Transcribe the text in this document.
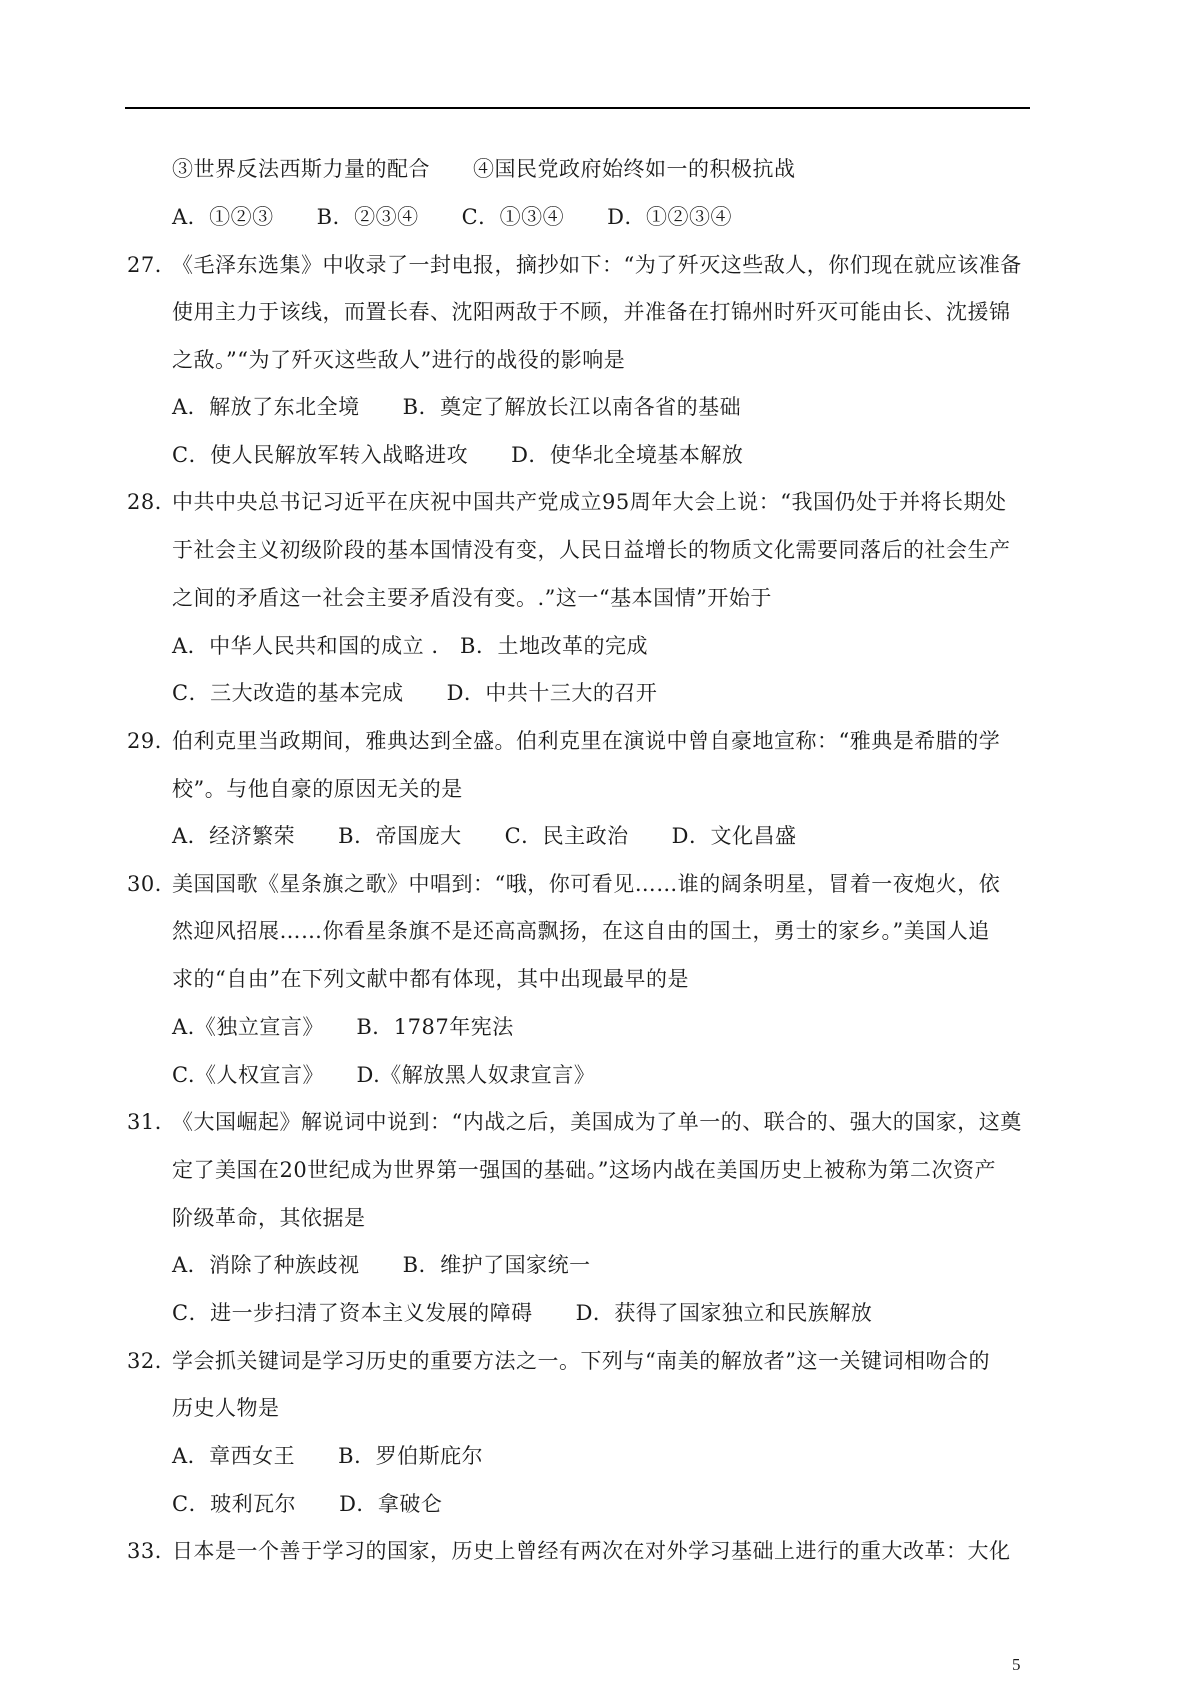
③世界反法西斯力量的配合　　④国民党政府始终如一的积极抗战
A．①②③　　B．②③④　　C．①③④　　D．①②③④
27．
《毛泽东选集》中收录了一封电报，摘抄如下：“为了歼灭这些敌人，你们现在就应该准备
使用主力于该线，而置长春、沈阳两敌于不顾，并准备在打锦州时歼灭可能由长、沈援锦
之敌。”“为了歼灭这些敌人”进行的战役的影响是
A．解放了东北全境　　B．奠定了解放长江以南各省的基础
C．使人民解放军转入战略进攻　　D．使华北全境基本解放
28．
中共中央总书记习近平在庆祝中国共产党成立95周年大会上说：“我国仍处于并将长期处
于社会主义初级阶段的基本国情没有变，人民日益增长的物质文化需要同落后的社会生产
之间的矛盾这一社会主要矛盾没有变。.”这一“基本国情”开始于
A．中华人民共和国的成立 .　B．土地改革的完成
C．三大改造的基本完成　　D．中共十三大的召开
29．
伯利克里当政期间，雅典达到全盛。伯利克里在演说中曾自豪地宣称：“雅典是希腊的学
校”。与他自豪的原因无关的是
A．经济繁荣　　B．帝国庞大　　C．民主政治　　D．文化昌盛
30．
美国国歌《星条旗之歌》中唱到：“哦，你可看见……谁的阔条明星，冒着一夜炮火，依
然迎风招展……你看星条旗不是还高高飘扬，在这自由的国土，勇士的家乡。”美国人追
求的“自由”在下列文献中都有体现，其中出现最早的是
A.《独立宣言》　　B．1787年宪法
C.《人权宣言》　　D.《解放黑人奴隶宣言》
31．
《大国崛起》解说词中说到：“内战之后，美国成为了单一的、联合的、强大的国家，这奠
定了美国在20世纪成为世界第一强国的基础。”这场内战在美国历史上被称为第二次资产
阶级革命，其依据是
A．消除了种族歧视　　B．维护了国家统一
C．进一步扫清了资本主义发展的障碍　　D．获得了国家独立和民族解放
32．
学会抓关键词是学习历史的重要方法之一。下列与“南美的解放者”这一关键词相吻合的
历史人物是
A．章西女王　　B．罗伯斯庇尔
C．玻利瓦尔　　D．拿破仑
33．
日本是一个善于学习的国家，历史上曾经有两次在对外学习基础上进行的重大改革：大化
5
